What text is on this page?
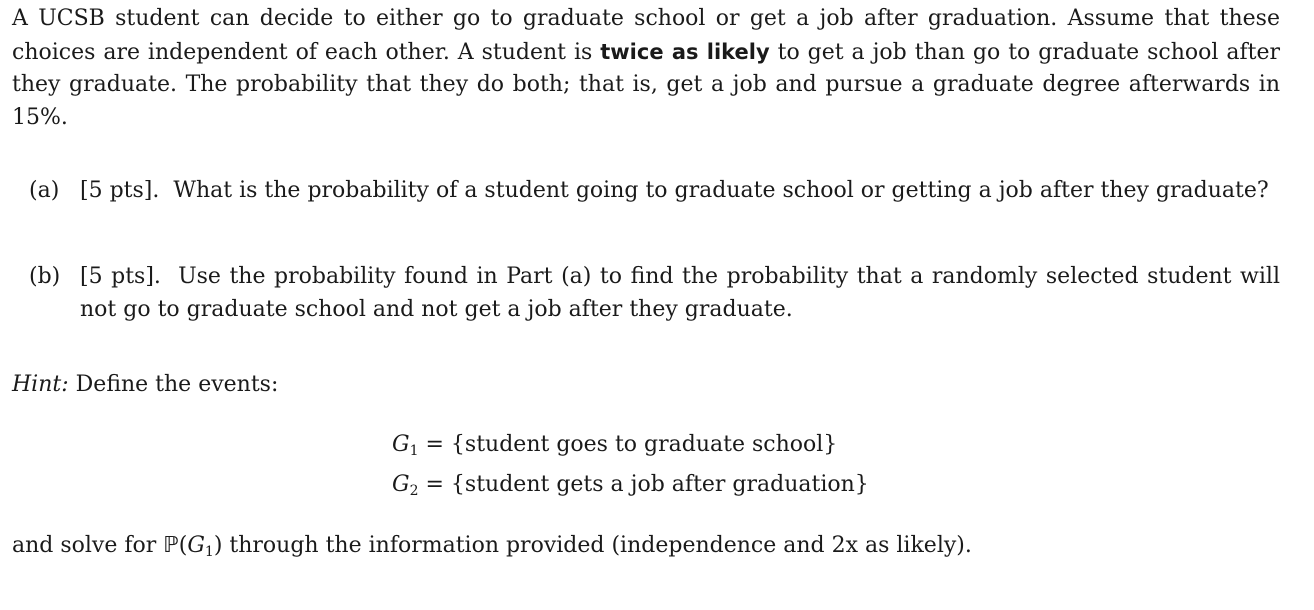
A UCSB student can decide to either go to graduate school or get a job after graduation. Assume that these choices are independent of each other. A student is twice as likely to get a job than go to graduate school after they graduate. The probability that they do both; that is, get a job and pursue a graduate degree afterwards in 15%.
(a) [5 pts]. What is the probability of a student going to graduate school or getting a job after they graduate?
(b) [5 pts]. Use the probability found in Part (a) to find the probability that a randomly selected student will not go to graduate school and not get a job after they graduate.
Hint: Define the events:
$G_1$ = {student goes to graduate school}
$G_2$ = {student gets a job after graduation}
and solve for $ℙ(G_1)$ through the information provided (independence and 2x as likely).
